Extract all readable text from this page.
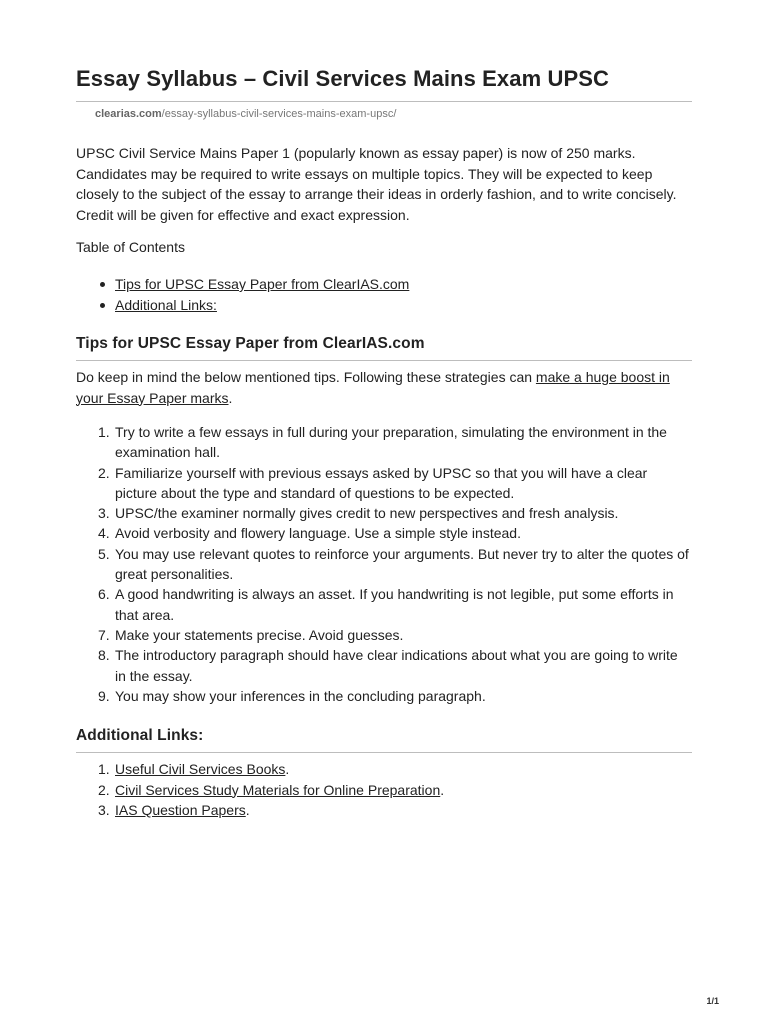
Essay Syllabus – Civil Services Mains Exam UPSC
clearias.com/essay-syllabus-civil-services-mains-exam-upsc/

UPSC Civil Service Mains Paper 1 (popularly known as essay paper) is now of 250 marks. Candidates may be required to write essays on multiple topics. They will be expected to keep closely to the subject of the essay to arrange their ideas in orderly fashion, and to write concisely. Credit will be given for effective and exact expression.

Table of Contents

Tips for UPSC Essay Paper from ClearIAS.com
Additional Links:
Tips for UPSC Essay Paper from ClearIAS.com

Do keep in mind the below mentioned tips. Following these strategies can make a huge boost in your Essay Paper marks.

1. Try to write a few essays in full during your preparation, simulating the environment in the examination hall.
2. Familiarize yourself with previous essays asked by UPSC so that you will have a clear picture about the type and standard of questions to be expected.
3. UPSC/the examiner normally gives credit to new perspectives and fresh analysis.
4. Avoid verbosity and flowery language. Use a simple style instead.
5. You may use relevant quotes to reinforce your arguments. But never try to alter the quotes of great personalities.
6. A good handwriting is always an asset. If you handwriting is not legible, put some efforts in that area.
7. Make your statements precise. Avoid guesses.
8. The introductory paragraph should have clear indications about what you are going to write in the essay.
9. You may show your inferences in the concluding paragraph.
Additional Links:
1. Useful Civil Services Books.
2. Civil Services Study Materials for Online Preparation.
3. IAS Question Papers.
1/1
